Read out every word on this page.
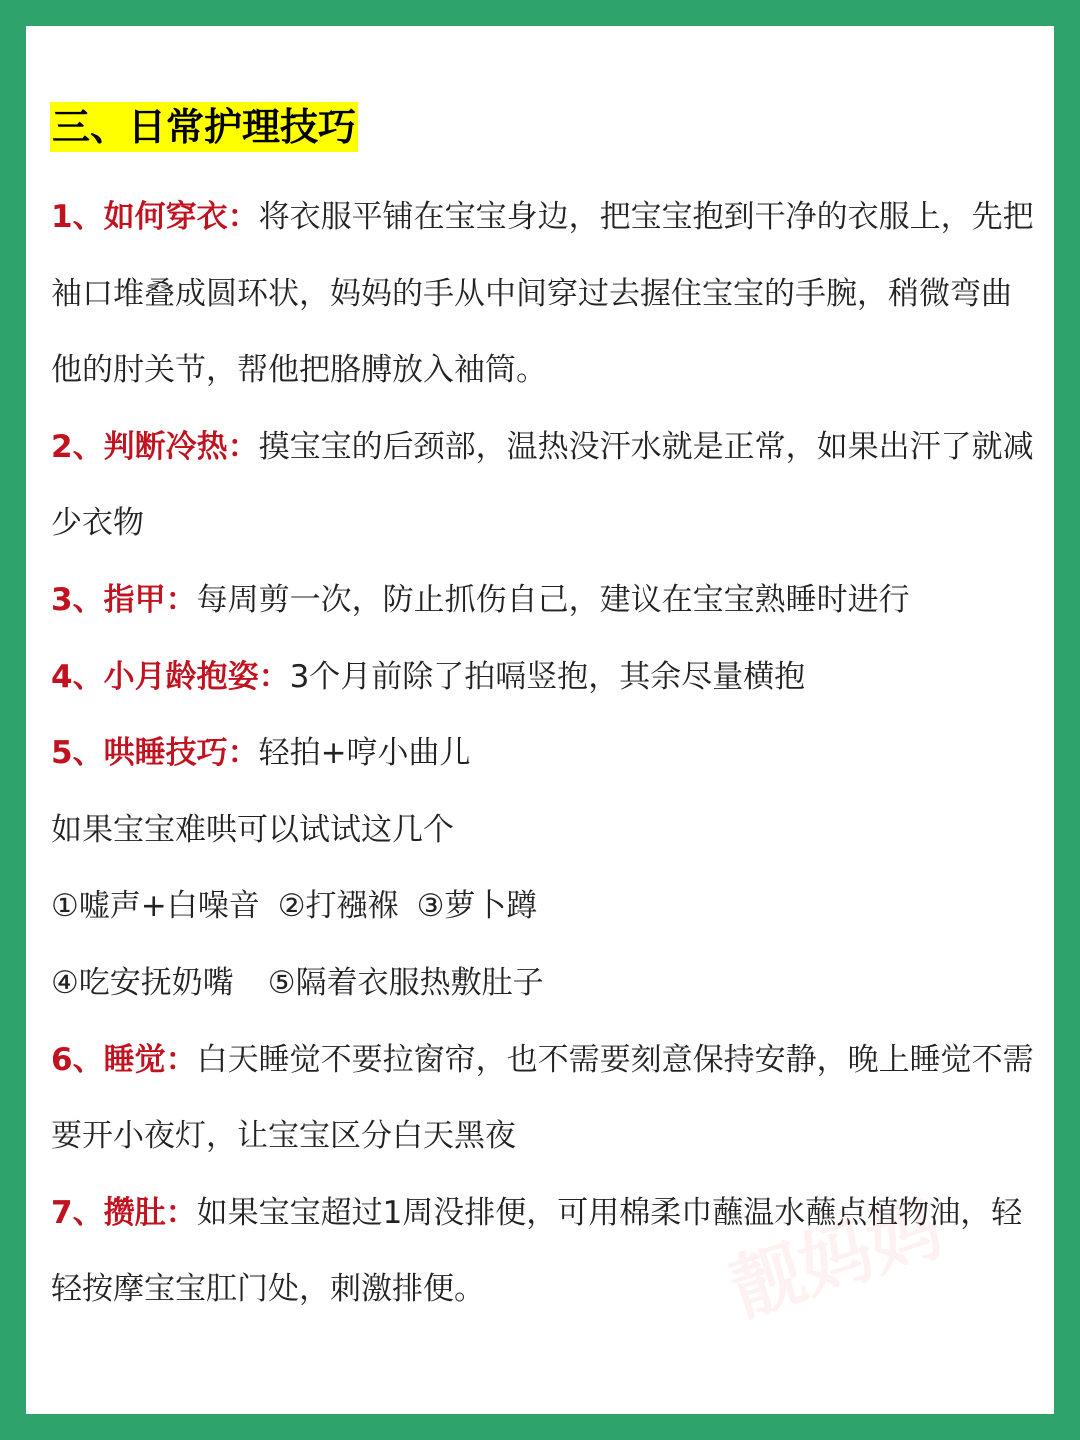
三、日常护理技巧

1、如何穿衣：将衣服平铺在宝宝身边，把宝宝抱到干净的衣服上，先把袖口堆叠成圆环状，妈妈的手从中间穿过去握住宝宝的手腕，稍微弯曲他的肘关节，帮他把胳膊放入袖筒。

2、判断冷热：摸宝宝的后颈部，温热没汗水就是正常，如果出汗了就减少衣物

3、指甲：每周剪一次，防止抓伤自己，建议在宝宝熟睡时进行

4、小月龄抱姿：3个月前除了拍嗝竖抱，其余尽量横抱

5、哄睡技巧：轻拍+哼小曲儿

如果宝宝难哄可以试试这几个

①嘘声+白噪音 ②打襁褓 ③萝卜蹲

④吃安抚奶嘴 ⑤隔着衣服热敷肚子

6、睡觉：白天睡觉不要拉窗帘，也不需要刻意保持安静，晚上睡觉不需要开小夜灯，让宝宝区分白天黑夜

7、攒肚：如果宝宝超过1周没排便，可用棉柔巾蘸温水蘸点植物油，轻轻按摩宝宝肛门处，刺激排便。	靓妈妈
